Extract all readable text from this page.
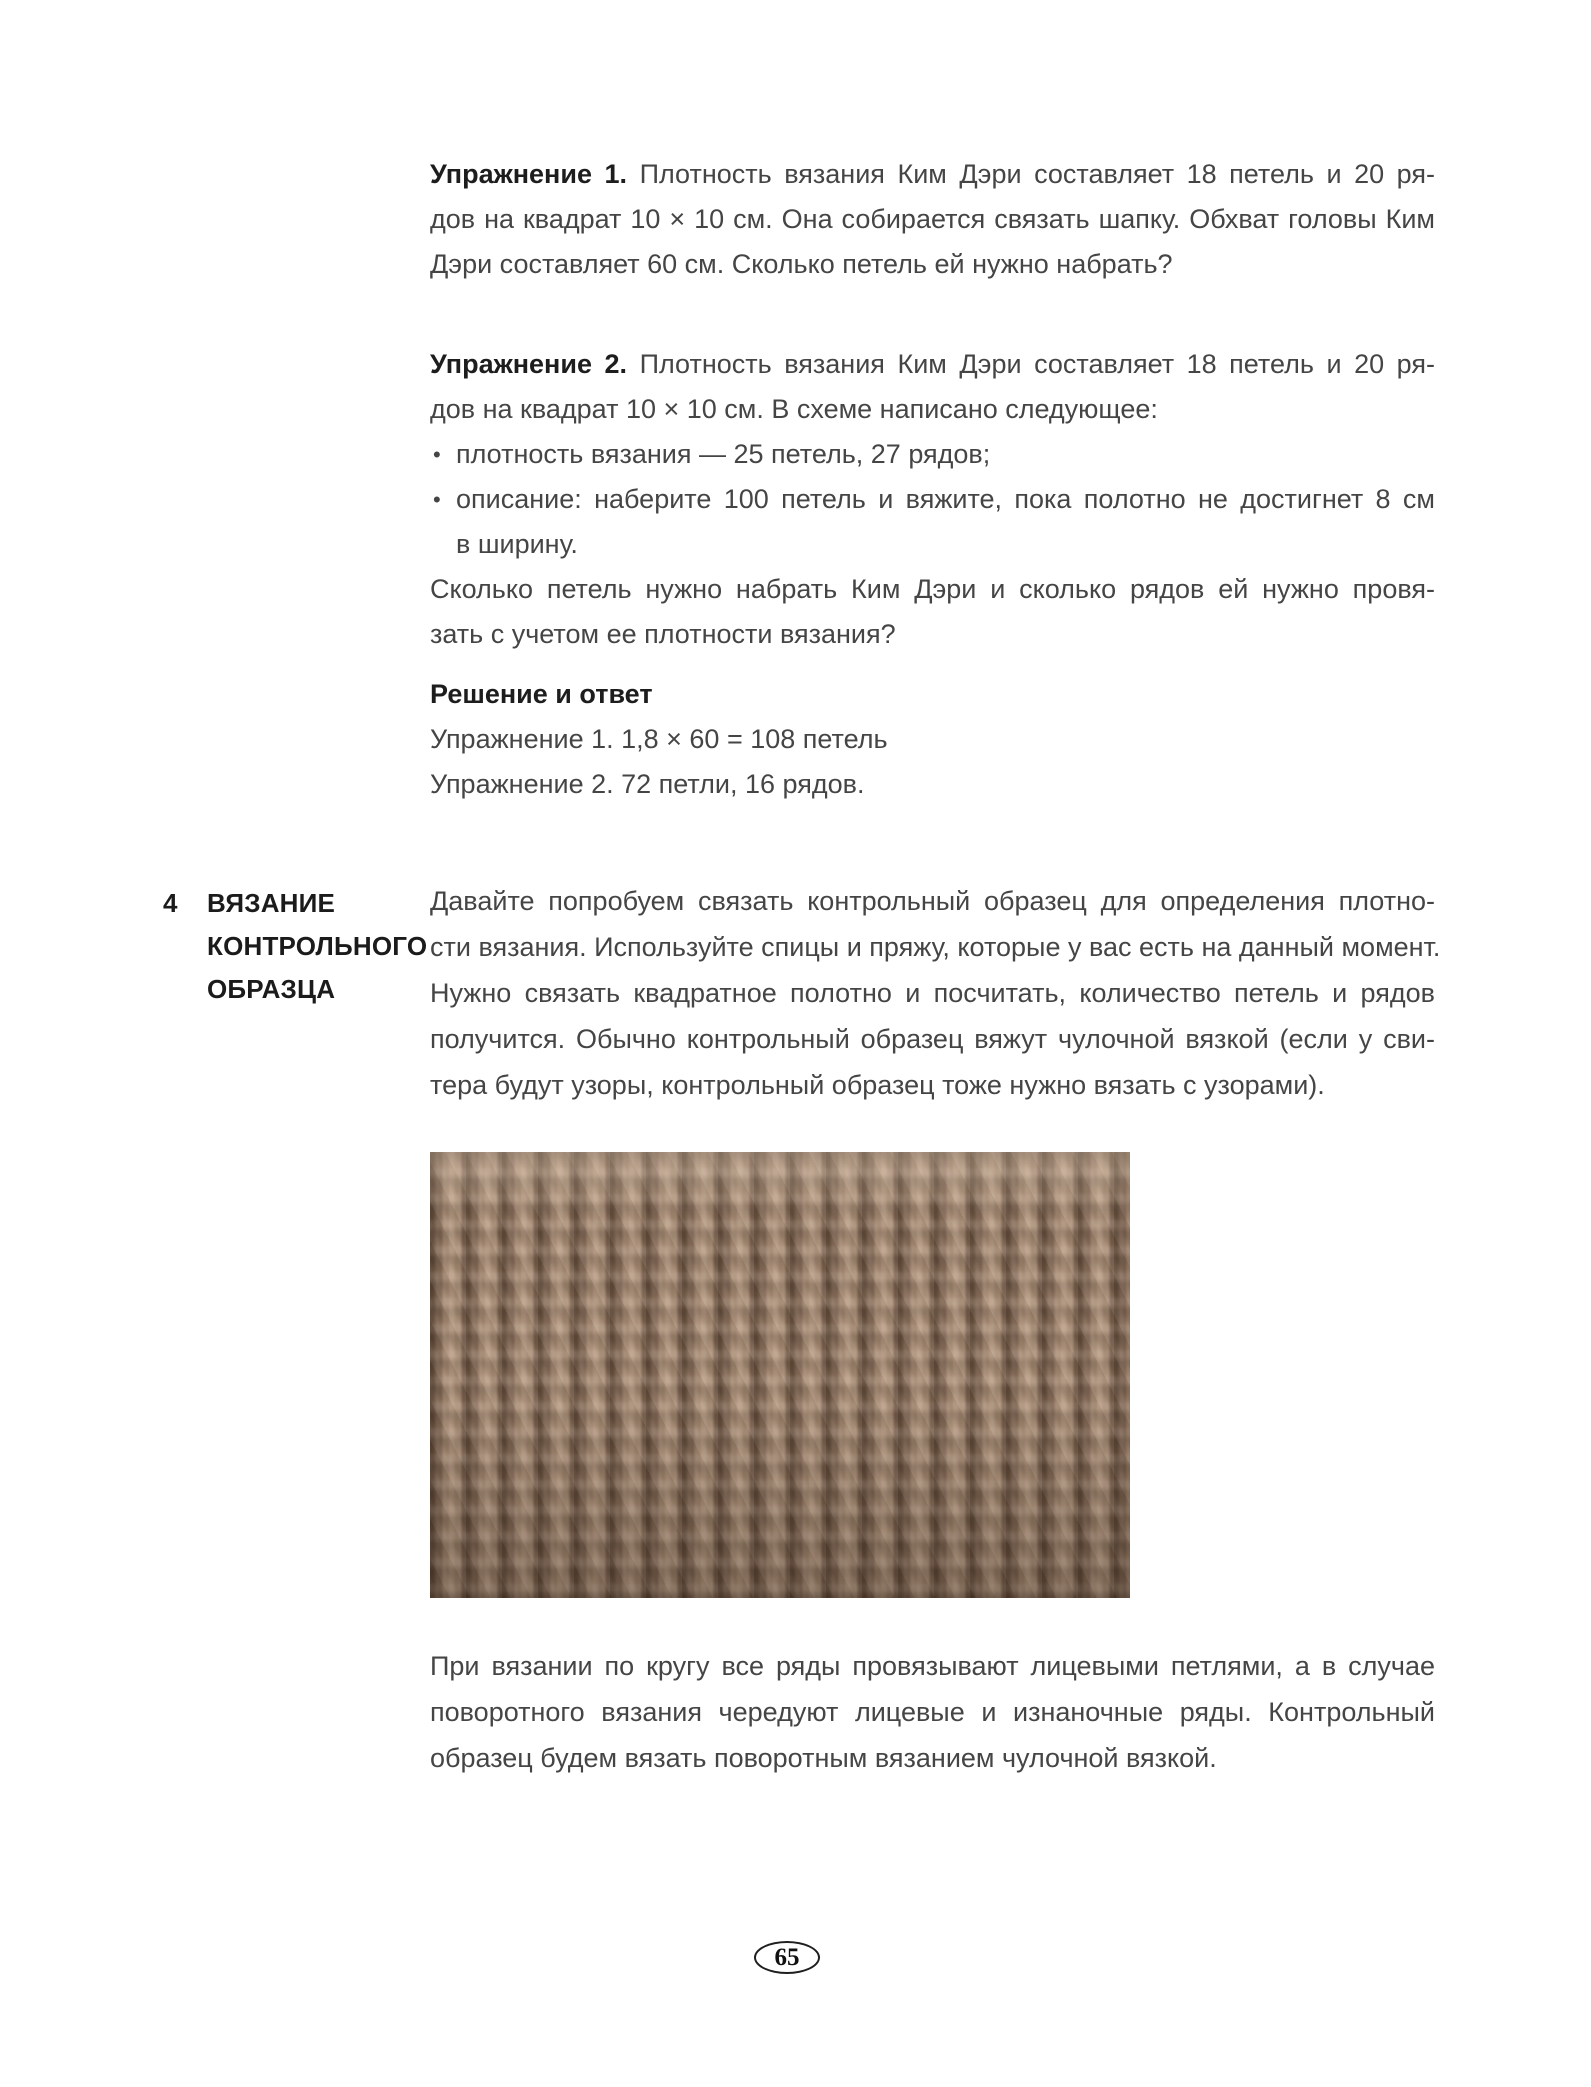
Упражнение 1. Плотность вязания Ким Дэри составляет 18 петель и 20 ря-
дов на квадрат 10 × 10 см. Она собирается связать шапку. Обхват головы Ким
Дэри составляет 60 см. Сколько петель ей нужно набрать?
Упражнение 2. Плотность вязания Ким Дэри составляет 18 петель и 20 ря-
дов на квадрат 10 × 10 см. В схеме написано следующее:
• плотность вязания — 25 петель, 27 рядов;
• описание: наберите 100 петель и вяжите, пока полотно не достигнет 8 см
в ширину.
Сколько петель нужно набрать Ким Дэри и сколько рядов ей нужно провя-
зать с учетом ее плотности вязания?
Решение и ответ
Упражнение 1. 1,8 × 60 = 108 петель
Упражнение 2. 72 петли, 16 рядов.
4 ВЯЗАНИЕ
КОНТРОЛЬНОГО
ОБРАЗЦА
Давайте попробуем связать контрольный образец для определения плотно-
сти вязания. Используйте спицы и пряжу, которые у вас есть на данный момент.
Нужно связать квадратное полотно и посчитать, количество петель и рядов
получится. Обычно контрольный образец вяжут чулочной вязкой (если у сви-
тера будут узоры, контрольный образец тоже нужно вязать с узорами).
При вязании по кругу все ряды провязывают лицевыми петлями, а в случае
поворотного вязания чередуют лицевые и изнаночные ряды. Контрольный
образец будем вязать поворотным вязанием чулочной вязкой.
65
